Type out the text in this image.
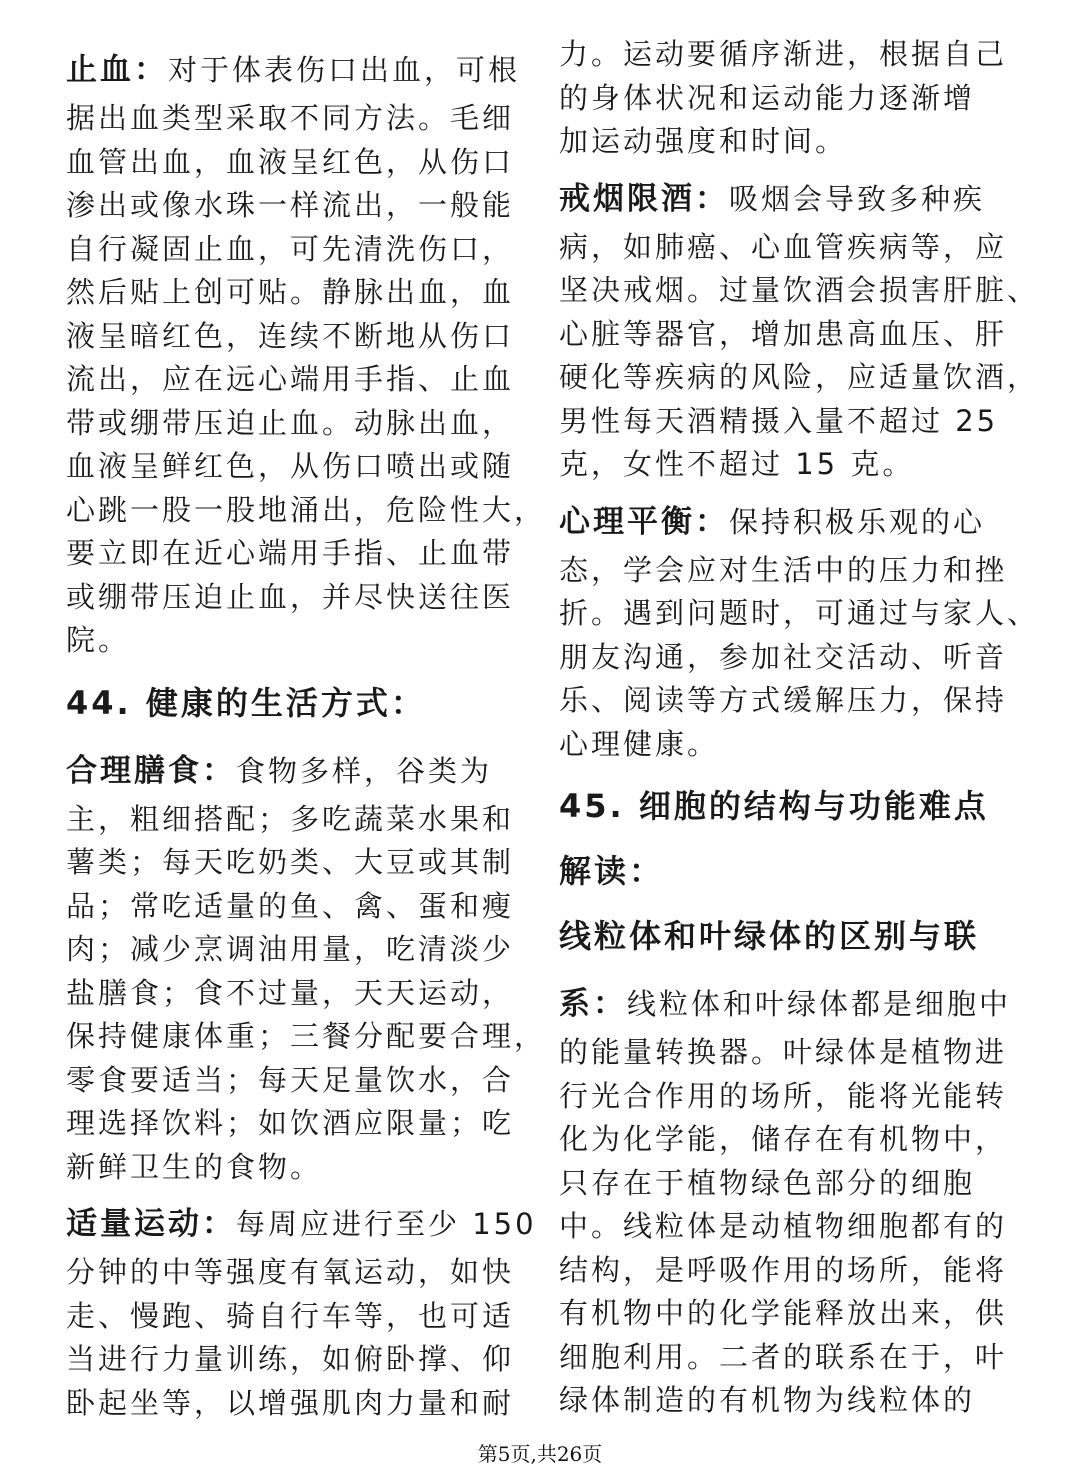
止血：对于体表伤口出血，可根
据出血类型采取不同方法。毛细
血管出血，血液呈红色，从伤口
渗出或像水珠一样流出，一般能
自行凝固止血，可先清洗伤口，
然后贴上创可贴。静脉出血，血
液呈暗红色，连续不断地从伤口
流出，应在远心端用手指、止血
带或绷带压迫止血。动脉出血，
血液呈鲜红色，从伤口喷出或随
心跳一股一股地涌出，危险性大，
要立即在近心端用手指、止血带
或绷带压迫止血，并尽快送往医
院。
44. 健康的生活方式：
合理膳食：食物多样，谷类为
主，粗细搭配；多吃蔬菜水果和
薯类；每天吃奶类、大豆或其制
品；常吃适量的鱼、禽、蛋和瘦
肉；减少烹调油用量，吃清淡少
盐膳食；食不过量，天天运动，
保持健康体重；三餐分配要合理，
零食要适当；每天足量饮水，合
理选择饮料；如饮酒应限量；吃
新鲜卫生的食物。
适量运动：每周应进行至少 150
分钟的中等强度有氧运动，如快
走、慢跑、骑自行车等，也可适
当进行力量训练，如俯卧撑、仰
卧起坐等，以增强肌肉力量和耐
力。运动要循序渐进，根据自己
的身体状况和运动能力逐渐增
加运动强度和时间。
戒烟限酒：吸烟会导致多种疾
病，如肺癌、心血管疾病等，应
坚决戒烟。过量饮酒会损害肝脏、
心脏等器官，增加患高血压、肝
硬化等疾病的风险，应适量饮酒，
男性每天酒精摄入量不超过 25
克，女性不超过 15 克。
心理平衡：保持积极乐观的心
态，学会应对生活中的压力和挫
折。遇到问题时，可通过与家人、
朋友沟通，参加社交活动、听音
乐、阅读等方式缓解压力，保持
心理健康。
45. 细胞的结构与功能难点
解读：
线粒体和叶绿体的区别与联
系：线粒体和叶绿体都是细胞中
的能量转换器。叶绿体是植物进
行光合作用的场所，能将光能转
化为化学能，储存在有机物中，
只存在于植物绿色部分的细胞
中。线粒体是动植物细胞都有的
结构，是呼吸作用的场所，能将
有机物中的化学能释放出来，供
细胞利用。二者的联系在于，叶
绿体制造的有机物为线粒体的
第5页,共26页
